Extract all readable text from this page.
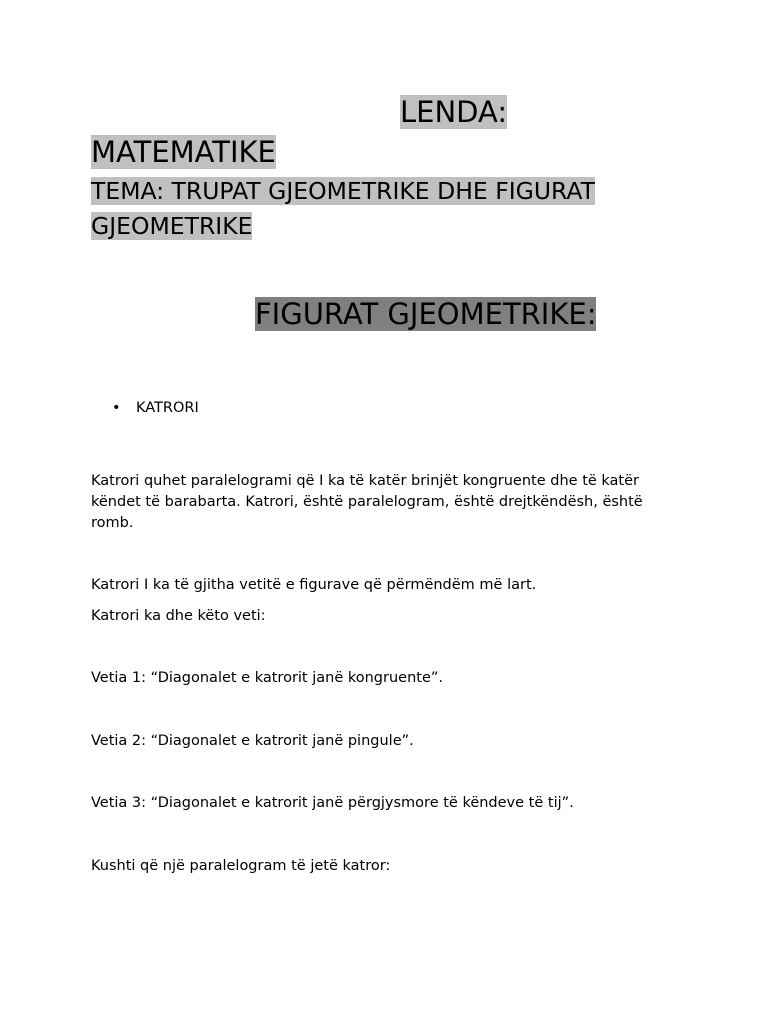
LENDA:
MATEMATIKE
TEMA: TRUPAT GJEOMETRIKE DHE FIGURAT GJEOMETRIKE
FIGURAT GJEOMETRIKE:
• KATRORI
Katrori quhet paralelogrami që I ka të katër brinjët kongruente dhe të katër këndet të barabarta. Katrori, është paralelogram, është drejtkëndësh, është romb.
Katrori I ka të gjitha vetitë e figurave që përmëndëm më lart.
Katrori ka dhe këto veti:
Vetia 1: “Diagonalet e katrorit janë kongruente”.
Vetia 2: “Diagonalet e katrorit janë pingule”.
Vetia 3: “Diagonalet e katrorit janë përgjysmore të këndeve të tij”.
Kushti që një paralelogram të jetë katror:
